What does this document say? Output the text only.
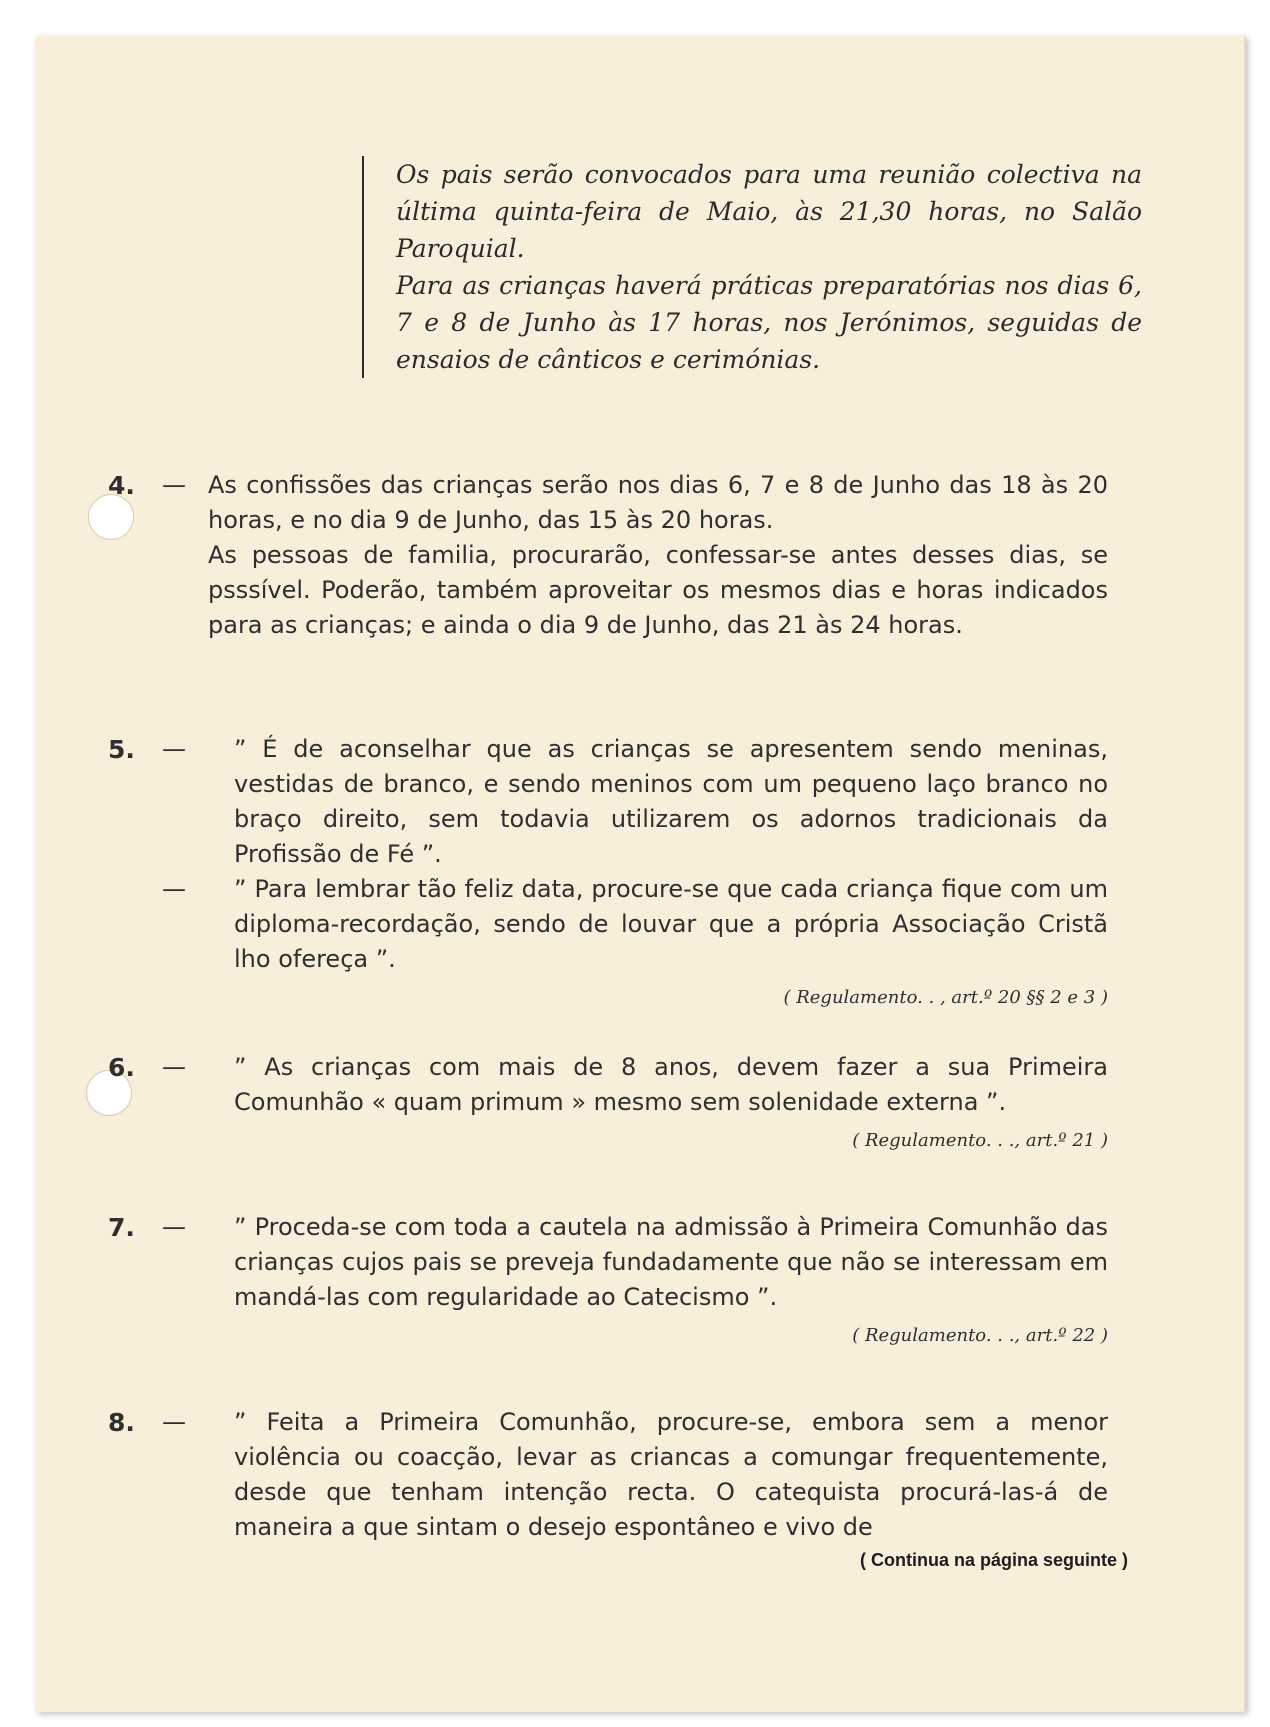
Os pais serão convocados para uma reunião colectiva na última quinta-feira de Maio, às 21,30 horas, no Salão Paroquial.

Para as crianças haverá práticas preparatórias nos dias 6, 7 e 8 de Junho às 17 horas, nos Jerónimos, seguidas de ensaios de cânticos e cerimónias.

4. — As confissões das crianças serão nos dias 6, 7 e 8 de Junho das 18 às 20 horas, e no dia 9 de Junho, das 15 às 20 horas.

As pessoas de familia, procurarão, confessar-se antes desses dias, se psssível. Poderão, também aproveitar os mesmos dias e horas indicados para as crianças; e ainda o dia 9 de Junho, das 21 às 24 horas.

5. — ” É de aconselhar que as crianças se apresentem sendo meninas, vestidas de branco, e sendo meninos com um pequeno laço branco no braço direito, sem todavia utilizarem os adornos tradicionais da Profissão de Fé ”.

— ” Para lembrar tão feliz data, procure-se que cada criança fique com um diploma-recordação, sendo de louvar que a própria Associação Cristã lho ofereça ”.

( Regulamento. . , art.º 20 §§ 2 e 3 )
6. — ” As crianças com mais de 8 anos, devem fazer a sua Primeira Comunhão « quam primum » mesmo sem solenidade externa ”.

( Regulamento. . ., art.º 21 )
7. — ” Proceda-se com toda a cautela na admissão à Primeira Comunhão das crianças cujos pais se preveja fundadamente que não se interessam em mandá-las com regularidade ao Catecismo ”.

( Regulamento. . ., art.º 22 )
8. — ” Feita a Primeira Comunhão, procure-se, embora sem a menor violência ou coacção, levar as criancas a comungar frequentemente, desde que tenham intenção recta. O catequista procurá-las-á de maneira a que sintam o desejo espontâneo e vivo de

( Continua na página seguinte )
